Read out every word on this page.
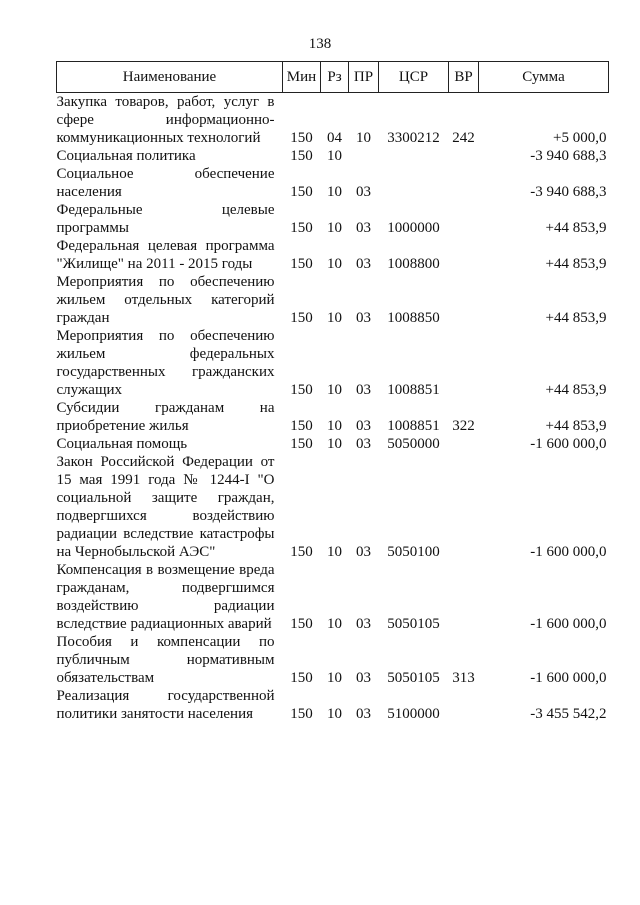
138
Наименование	Мин	Рз	ПР	ЦСР	ВР	Сумма
Закупка товаров, работ, услуг в сфере информационно-коммуникационных технологий	150	04	10	3300212	242	+5 000,0
Социальная политика	150	10				-3 940 688,3
Социальное обеспечение населения	150	10	03			-3 940 688,3
Федеральные целевые программы	150	10	03	1000000		+44 853,9
Федеральная целевая программа "Жилище" на 2011 - 2015 годы	150	10	03	1008800		+44 853,9
Мероприятия по обеспечению жильем отдельных категорий граждан	150	10	03	1008850		+44 853,9
Мероприятия по обеспечению жильем федеральных государственных гражданских служащих	150	10	03	1008851		+44 853,9
Субсидии гражданам на приобретение жилья	150	10	03	1008851	322	+44 853,9
Социальная помощь	150	10	03	5050000		-1 600 000,0
Закон Российской Федерации от 15 мая 1991 года № 1244-I "О социальной защите граждан, подвергшихся воздействию радиации вследствие катастрофы на Чернобыльской АЭС"	150	10	03	5050100		-1 600 000,0
Компенсация в возмещение вреда гражданам, подвергшимся воздействию радиации вследствие радиационных аварий	150	10	03	5050105		-1 600 000,0
Пособия и компенсации по публичным нормативным обязательствам	150	10	03	5050105	313	-1 600 000,0
Реализация государственной политики занятости населения	150	10	03	5100000		-3 455 542,2
